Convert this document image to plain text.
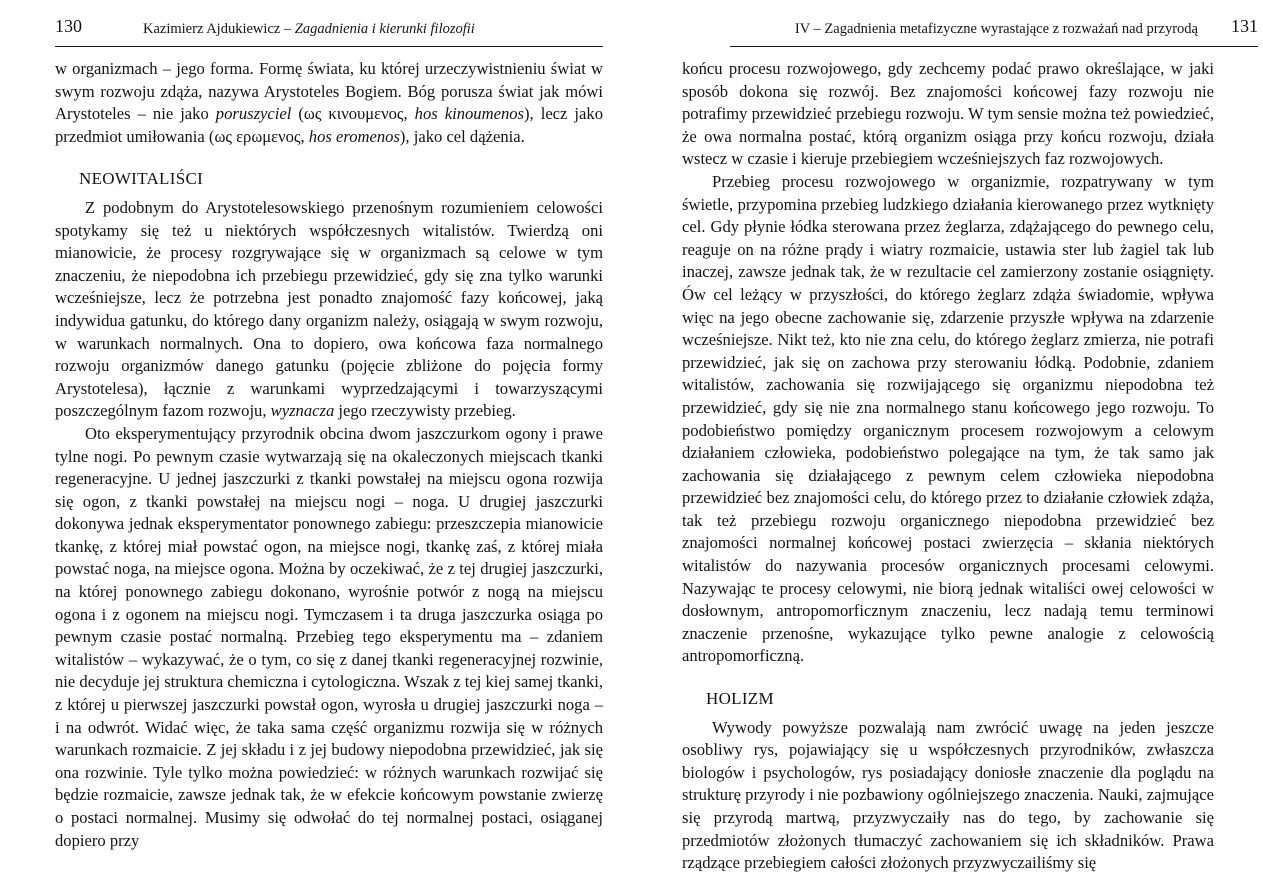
130	Kazimierz Ajdukiewicz – Zagadnienia i kierunki filozofii

w organizmach – jego forma. Formę świata, ku której urzeczywistnieniu świat w swym rozwoju zdąża, nazywa Arystoteles Bogiem. Bóg porusza świat jak mówi Arystoteles – nie jako poruszyciel (ως κινουμενος, hos kinoumenos), lecz jako przedmiot umiłowania (ως ερωμενος, hos eromenos), jako cel dążenia.

NEOWITALIŚCI

Z podobnym do Arystotelesowskiego przenośnym rozumieniem celowości spotykamy się też u niektórych współczesnych witalistów. Twierdzą oni mianowicie, że procesy rozgrywające się w organizmach są celowe w tym znaczeniu, że niepodobna ich przebiegu przewidzieć, gdy się zna tylko warunki wcześniejsze, lecz że potrzebna jest ponadto znajomość fazy końcowej, jaką indywidua gatunku, do którego dany organizm należy, osiągają w swym rozwoju, w warunkach normalnych. Ona to dopiero, owa końcowa faza normalnego rozwoju organizmów danego gatunku (pojęcie zbliżone do pojęcia formy Arystotelesa), łącznie z warunkami wyprzedzającymi i towarzyszącymi poszczególnym fazom rozwoju, wyznacza jego rzeczywisty przebieg.

Oto eksperymentujący przyrodnik obcina dwom jaszczurkom ogony i prawe tylne nogi. Po pewnym czasie wytwarzają się na okaleczonych miejscach tkanki regeneracyjne. U jednej jaszczurki z tkanki powstałej na miejscu ogona rozwija się ogon, z tkanki powstałej na miejscu nogi – noga. U drugiej jaszczurki dokonywa jednak eksperymentator ponownego zabiegu: przeszczepia mianowicie tkankę, z której miał powstać ogon, na miejsce nogi, tkankę zaś, z której miała powstać noga, na miejsce ogona. Można by oczekiwać, że z tej drugiej jaszczurki, na której ponownego zabiegu dokonano, wyrośnie potwór z nogą na miejscu ogona i z ogonem na miejscu nogi. Tymczasem i ta druga jaszczurka osiąga po pewnym czasie postać normalną. Przebieg tego eksperymentu ma – zdaniem witalistów – wykazywać, że o tym, co się z danej tkanki regeneracyjnej rozwinie, nie decyduje jej struktura chemiczna i cytologiczna. Wszak z tej kiej samej tkanki, z której u pierwszej jaszczurki powstał ogon, wyrosła u drugiej jaszczurki noga – i na odwrót. Widać więc, że taka sama część organizmu rozwija się w różnych warunkach rozmaicie. Z jej składu i z jej budowy niepodobna przewidzieć, jak się ona rozwinie. Tyle tylko można powiedzieć: w różnych warunkach rozwijać się będzie rozmaicie, zawsze jednak tak, że w efekcie końcowym powstanie zwierzę o postaci normalnej. Musimy się odwołać do tej normalnej postaci, osiąganej dopiero przy

IV – Zagadnienia metafizyczne wyrastające z rozważań nad przyrodą 131

końcu procesu rozwojowego, gdy zechcemy podać prawo określające, w jaki sposób dokona się rozwój. Bez znajomości końcowej fazy rozwoju nie potrafimy przewidzieć przebiegu rozwoju. W tym sensie można też powiedzieć, że owa normalna postać, którą organizm osiąga przy końcu rozwoju, działa wstecz w czasie i kieruje przebiegiem wcześniejszych faz rozwojowych.

Przebieg procesu rozwojowego w organizmie, rozpatrywany w tym świetle, przypomina przebieg ludzkiego działania kierowanego przez wytknięty cel. Gdy płynie łódka sterowana przez żeglarza, zdążającego do pewnego celu, reaguje on na różne prądy i wiatry rozmaicie, ustawia ster lub żagiel tak lub inaczej, zawsze jednak tak, że w rezultacie cel zamierzony zostanie osiągnięty. Ów cel leżący w przyszłości, do którego żeglarz zdąża świadomie, wpływa więc na jego obecne zachowanie się, zdarzenie przyszłe wpływa na zdarzenie wcześniejsze. Nikt też, kto nie zna celu, do którego żeglarz zmierza, nie potrafi przewidzieć, jak się on zachowa przy sterowaniu łódką. Podobnie, zdaniem witalistów, zachowania się rozwijającego się organizmu niepodobna też przewidzieć, gdy się nie zna normalnego stanu końcowego jego rozwoju. To podobieństwo pomiędzy organicznym procesem rozwojowym a celowym działaniem człowieka, podobieństwo polegające na tym, że tak samo jak zachowania się działającego z pewnym celem człowieka niepodobna przewidzieć bez znajomości celu, do którego przez to działanie człowiek zdąża, tak też przebiegu rozwoju organicznego niepodobna przewidzieć bez znajomości normalnej końcowej postaci zwierzęcia – skłania niektórych witalistów do nazywania procesów organicznych procesami celowymi. Nazywając te procesy celowymi, nie biorą jednak witaliści owej celowości w dosłownym, antropomorficznym znaczeniu, lecz nadają temu terminowi znaczenie przenośne, wykazujące tylko pewne analogie z celowością antropomorficzną.

HOLIZM

Wywody powyższe pozwalają nam zwrócić uwagę na jeden jeszcze osobliwy rys, pojawiający się u współczesnych przyrodników, zwłaszcza biologów i psychologów, rys posiadający doniosłe znaczenie dla poglądu na strukturę przyrody i nie pozbawiony ogólniejszego znaczenia. Nauki, zajmujące się przyrodą martwą, przyzwyczaiły nas do tego, by zachowanie się przedmiotów złożonych tłumaczyć zachowaniem się ich składników. Prawa rządzące przebiegiem całości złożonych przyzwyczailiśmy się
